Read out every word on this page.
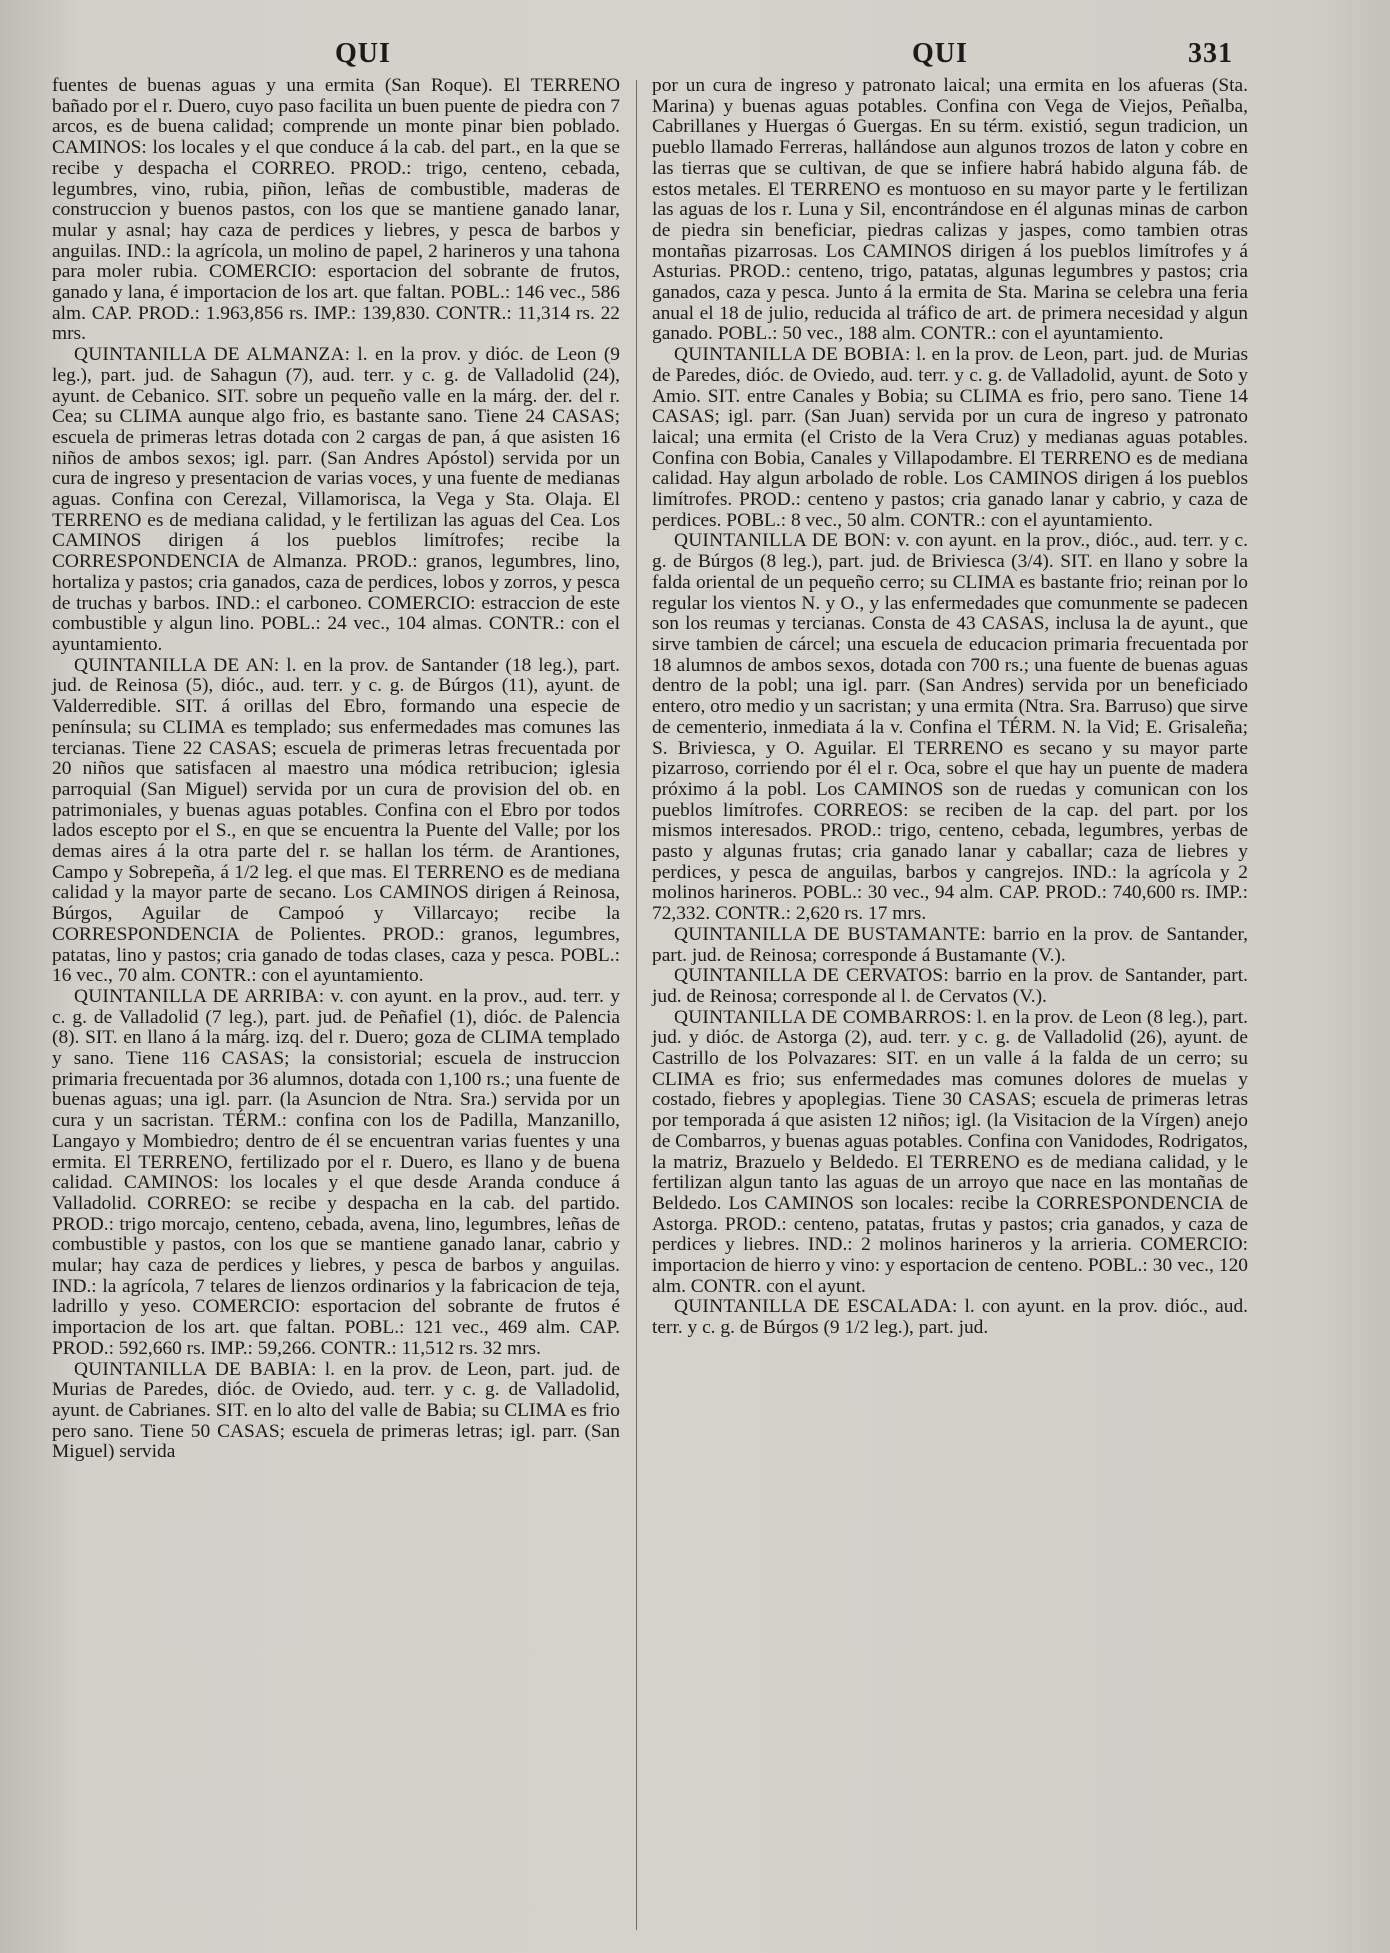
QUI	QUI	331

fuentes de buenas aguas y una ermita (San Roque). El TERRENO bañado por el r. Duero, cuyo paso facilita un buen puente de piedra con 7 arcos, es de buena calidad; comprende un monte pinar bien poblado. CAMINOS: los locales y el que conduce á la cab. del part., en la que se recibe y despacha el CORREO. PROD.: trigo, centeno, cebada, legumbres, vino, rubia, piñon, leñas de combustible, maderas de construccion y buenos pastos, con los que se mantiene ganado lanar, mular y asnal; hay caza de perdices y liebres, y pesca de barbos y anguilas. IND.: la agrícola, un molino de papel, 2 harineros y una tahona para moler rubia. COMERCIO: esportacion del sobrante de frutos, ganado y lana, é importacion de los art. que faltan. POBL.: 146 vec., 586 alm. CAP. PROD.: 1.963,856 rs. IMP.: 139,830. CONTR.: 11,314 rs. 22 mrs.

QUINTANILLA DE ALMANZA: l. en la prov. y dióc. de Leon (9 leg.), part. jud. de Sahagun (7), aud. terr. y c. g. de Valladolid (24), ayunt. de Cebanico. SIT. sobre un pequeño valle en la márg. der. del r. Cea; su CLIMA aunque algo frio, es bastante sano. Tiene 24 CASAS; escuela de primeras letras dotada con 2 cargas de pan, á que asisten 16 niños de ambos sexos; igl. parr. (San Andres Apóstol) servida por un cura de ingreso y presentacion de varias voces, y una fuente de medianas aguas. Confina con Cerezal, Villamorisca, la Vega y Sta. Olaja. El TERRENO es de mediana calidad, y le fertilizan las aguas del Cea. Los CAMINOS dirigen á los pueblos limítrofes; recibe la CORRESPONDENCIA de Almanza. PROD.: granos, legumbres, lino, hortaliza y pastos; cria ganados, caza de perdices, lobos y zorros, y pesca de truchas y barbos. IND.: el carboneo. COMERCIO: estraccion de este combustible y algun lino. POBL.: 24 vec., 104 almas. CONTR.: con el ayuntamiento.

QUINTANILLA DE AN: l. en la prov. de Santander (18 leg.), part. jud. de Reinosa (5), dióc., aud. terr. y c. g. de Búrgos (11), ayunt. de Valderredible. SIT. á orillas del Ebro, formando una especie de península; su CLIMA es templado; sus enfermedades mas comunes las tercianas. Tiene 22 CASAS; escuela de primeras letras frecuentada por 20 niños que satisfacen al maestro una módica retribucion; iglesia parroquial (San Miguel) servida por un cura de provision del ob. en patrimoniales, y buenas aguas potables. Confina con el Ebro por todos lados escepto por el S., en que se encuentra la Puente del Valle; por los demas aires á la otra parte del r. se hallan los térm. de Arantiones, Campo y Sobrepeña, á 1/2 leg. el que mas. El TERRENO es de mediana calidad y la mayor parte de secano. Los CAMINOS dirigen á Reinosa, Búrgos, Aguilar de Campoó y Villarcayo; recibe la CORRESPONDENCIA de Polientes. PROD.: granos, legumbres, patatas, lino y pastos; cria ganado de todas clases, caza y pesca. POBL.: 16 vec., 70 alm. CONTR.: con el ayuntamiento.

QUINTANILLA DE ARRIBA: v. con ayunt. en la prov., aud. terr. y c. g. de Valladolid (7 leg.), part. jud. de Peñafiel (1), dióc. de Palencia (8). SIT. en llano á la márg. izq. del r. Duero; goza de CLIMA templado y sano. Tiene 116 CASAS; la consistorial; escuela de instruccion primaria frecuentada por 36 alumnos, dotada con 1,100 rs.; una fuente de buenas aguas; una igl. parr. (la Asuncion de Ntra. Sra.) servida por un cura y un sacristan. TÉRM.: confina con los de Padilla, Manzanillo, Langayo y Mombiedro; dentro de él se encuentran varias fuentes y una ermita. El TERRENO, fertilizado por el r. Duero, es llano y de buena calidad. CAMINOS: los locales y el que desde Aranda conduce á Valladolid. CORREO: se recibe y despacha en la cab. del partido. PROD.: trigo morcajo, centeno, cebada, avena, lino, legumbres, leñas de combustible y pastos, con los que se mantiene ganado lanar, cabrio y mular; hay caza de perdices y liebres, y pesca de barbos y anguilas. IND.: la agrícola, 7 telares de lienzos ordinarios y la fabricacion de teja, ladrillo y yeso. COMERCIO: esportacion del sobrante de frutos é importacion de los art. que faltan. POBL.: 121 vec., 469 alm. CAP. PROD.: 592,660 rs. IMP.: 59,266. CONTR.: 11,512 rs. 32 mrs.

QUINTANILLA DE BABIA: l. en la prov. de Leon, part. jud. de Murias de Paredes, dióc. de Oviedo, aud. terr. y c. g. de Valladolid, ayunt. de Cabrianes. SIT. en lo alto del valle de Babia; su CLIMA es frio pero sano. Tiene 50 CASAS; escuela de primeras letras; igl. parr. (San Miguel) servida

por un cura de ingreso y patronato laical; una ermita en los afueras (Sta. Marina) y buenas aguas potables. Confina con Vega de Viejos, Peñalba, Cabrillanes y Huergas ó Guergas. En su térm. existió, segun tradicion, un pueblo llamado Ferreras, hallándose aun algunos trozos de laton y cobre en las tierras que se cultivan, de que se infiere habrá habido alguna fáb. de estos metales. El TERRENO es montuoso en su mayor parte y le fertilizan las aguas de los r. Luna y Sil, encontrándose en él algunas minas de carbon de piedra sin beneficiar, piedras calizas y jaspes, como tambien otras montañas pizarrosas. Los CAMINOS dirigen á los pueblos limítrofes y á Asturias. PROD.: centeno, trigo, patatas, algunas legumbres y pastos; cria ganados, caza y pesca. Junto á la ermita de Sta. Marina se celebra una feria anual el 18 de julio, reducida al tráfico de art. de primera necesidad y algun ganado. POBL.: 50 vec., 188 alm. CONTR.: con el ayuntamiento.

QUINTANILLA DE BOBIA: l. en la prov. de Leon, part. jud. de Murias de Paredes, dióc. de Oviedo, aud. terr. y c. g. de Valladolid, ayunt. de Soto y Amio. SIT. entre Canales y Bobia; su CLIMA es frio, pero sano. Tiene 14 CASAS; igl. parr. (San Juan) servida por un cura de ingreso y patronato laical; una ermita (el Cristo de la Vera Cruz) y medianas aguas potables. Confina con Bobia, Canales y Villapodambre. El TERRENO es de mediana calidad. Hay algun arbolado de roble. Los CAMINOS dirigen á los pueblos limítrofes. PROD.: centeno y pastos; cria ganado lanar y cabrio, y caza de perdices. POBL.: 8 vec., 50 alm. CONTR.: con el ayuntamiento.

QUINTANILLA DE BON: v. con ayunt. en la prov., dióc., aud. terr. y c. g. de Búrgos (8 leg.), part. jud. de Briviesca (3/4). SIT. en llano y sobre la falda oriental de un pequeño cerro; su CLIMA es bastante frio; reinan por lo regular los vientos N. y O., y las enfermedades que comunmente se padecen son los reumas y tercianas. Consta de 43 CASAS, inclusa la de ayunt., que sirve tambien de cárcel; una escuela de educacion primaria frecuentada por 18 alumnos de ambos sexos, dotada con 700 rs.; una fuente de buenas aguas dentro de la pobl; una igl. parr. (San Andres) servida por un beneficiado entero, otro medio y un sacristan; y una ermita (Ntra. Sra. Barruso) que sirve de cementerio, inmediata á la v. Confina el TÉRM. N. la Vid; E. Grisaleña; S. Briviesca, y O. Aguilar. El TERRENO es secano y su mayor parte pizarroso, corriendo por él el r. Oca, sobre el que hay un puente de madera próximo á la pobl. Los CAMINOS son de ruedas y comunican con los pueblos limítrofes. CORREOS: se reciben de la cap. del part. por los mismos interesados. PROD.: trigo, centeno, cebada, legumbres, yerbas de pasto y algunas frutas; cria ganado lanar y caballar; caza de liebres y perdices, y pesca de anguilas, barbos y cangrejos. IND.: la agrícola y 2 molinos harineros. POBL.: 30 vec., 94 alm. CAP. PROD.: 740,600 rs. IMP.: 72,332. CONTR.: 2,620 rs. 17 mrs.

QUINTANILLA DE BUSTAMANTE: barrio en la prov. de Santander, part. jud. de Reinosa; corresponde á Bustamante (V.).

QUINTANILLA DE CERVATOS: barrio en la prov. de Santander, part. jud. de Reinosa; corresponde al l. de Cervatos (V.).

QUINTANILLA DE COMBARROS: l. en la prov. de Leon (8 leg.), part. jud. y dióc. de Astorga (2), aud. terr. y c. g. de Valladolid (26), ayunt. de Castrillo de los Polvazares: SIT. en un valle á la falda de un cerro; su CLIMA es frio; sus enfermedades mas comunes dolores de muelas y costado, fiebres y apoplegias. Tiene 30 CASAS; escuela de primeras letras por temporada á que asisten 12 niños; igl. (la Visitacion de la Vírgen) anejo de Combarros, y buenas aguas potables. Confina con Vanidodes, Rodrigatos, la matriz, Brazuelo y Beldedo. El TERRENO es de mediana calidad, y le fertilizan algun tanto las aguas de un arroyo que nace en las montañas de Beldedo. Los CAMINOS son locales: recibe la CORRESPONDENCIA de Astorga. PROD.: centeno, patatas, frutas y pastos; cria ganados, y caza de perdices y liebres. IND.: 2 molinos harineros y la arrieria. COMERCIO: importacion de hierro y vino: y esportacion de centeno. POBL.: 30 vec., 120 alm. CONTR. con el ayunt.

QUINTANILLA DE ESCALADA: l. con ayunt. en la prov. dióc., aud. terr. y c. g. de Búrgos (9 1/2 leg.), part. jud.
